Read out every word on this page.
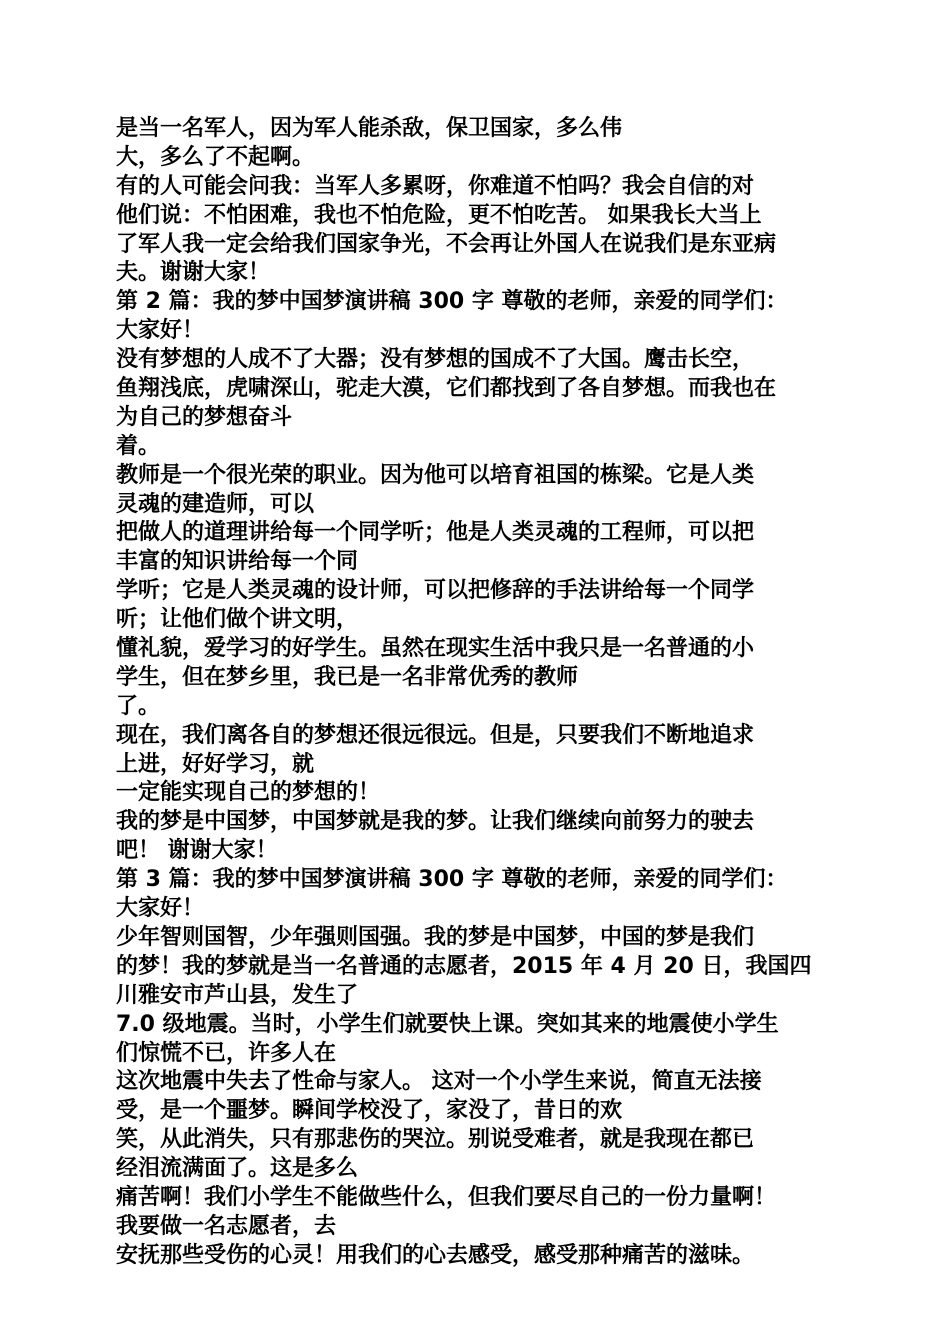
是当一名军人，因为军人能杀敌，保卫国家，多么伟
大，多么了不起啊。
有的人可能会问我：当军人多累呀，你难道不怕吗？我会自信的对
他们说：不怕困难，我也不怕危险，更不怕吃苦。 如果我长大当上
了军人我一定会给我们国家争光，不会再让外国人在说我们是东亚病
夫。谢谢大家！
第 2 篇：我的梦中国梦演讲稿 300 字 尊敬的老师，亲爱的同学们：
大家好！
没有梦想的人成不了大器；没有梦想的国成不了大国。鹰击长空，
鱼翔浅底，虎啸深山，驼走大漠，它们都找到了各自梦想。而我也在
为自己的梦想奋斗
着。
教师是一个很光荣的职业。因为他可以培育祖国的栋梁。它是人类
灵魂的建造师，可以
把做人的道理讲给每一个同学听；他是人类灵魂的工程师，可以把
丰富的知识讲给每一个同
学听；它是人类灵魂的设计师，可以把修辞的手法讲给每一个同学
听；让他们做个讲文明，
懂礼貌，爱学习的好学生。虽然在现实生活中我只是一名普通的小
学生，但在梦乡里，我已是一名非常优秀的教师
了。
现在，我们离各自的梦想还很远很远。但是，只要我们不断地追求
上进，好好学习，就
一定能实现自己的梦想的！
我的梦是中国梦，中国梦就是我的梦。让我们继续向前努力的驶去
吧！ 谢谢大家！
第 3 篇：我的梦中国梦演讲稿 300 字 尊敬的老师，亲爱的同学们：
大家好！
少年智则国智，少年强则国强。我的梦是中国梦，中国的梦是我们
的梦！我的梦就是当一名普通的志愿者，2015 年 4 月 20 日，我国四
川雅安市芦山县，发生了
7.0 级地震。当时，小学生们就要快上课。突如其来的地震使小学生
们惊慌不已，许多人在
这次地震中失去了性命与家人。 这对一个小学生来说，简直无法接
受，是一个噩梦。瞬间学校没了，家没了，昔日的欢
笑，从此消失，只有那悲伤的哭泣。别说受难者，就是我现在都已
经泪流满面了。这是多么
痛苦啊！我们小学生不能做些什么，但我们要尽自己的一份力量啊！
我要做一名志愿者，去
安抚那些受伤的心灵！用我们的心去感受，感受那种痛苦的滋味。
